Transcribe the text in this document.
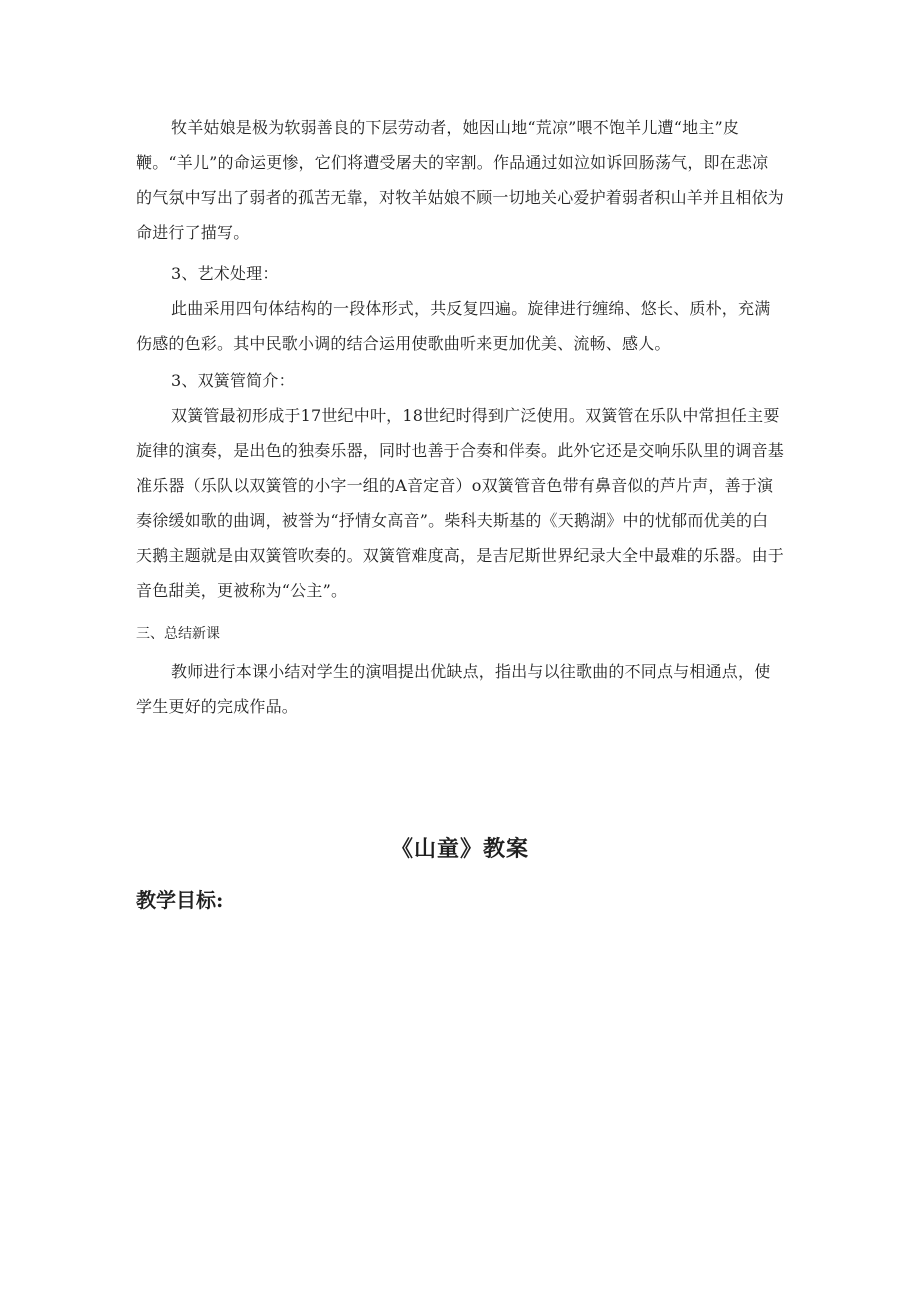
牧羊姑娘是极为软弱善良的下层劳动者，她因山地“荒凉”喂不饱羊儿遭“地主”皮鞭。“羊儿”的命运更惨，它们将遭受屠夫的宰割。作品通过如泣如诉回肠荡气，即在悲凉的气氛中写出了弱者的孤苦无靠，对牧羊姑娘不顾一切地关心爱护着弱者积山羊并且相依为命进行了描写。

3、艺术处理：

此曲采用四句体结构的一段体形式，共反复四遍。旋律进行缠绵、悠长、质朴，充满伤感的色彩。其中民歌小调的结合运用使歌曲听来更加优美、流畅、感人。

3、双簧管简介：

双簧管最初形成于17世纪中叶，18世纪时得到广泛使用。双簧管在乐队中常担任主要旋律的演奏，是出色的独奏乐器，同时也善于合奏和伴奏。此外它还是交响乐队里的调音基准乐器（乐队以双簧管的小字一组的A音定音）o双簧管音色带有鼻音似的芦片声，善于演奏徐缓如歌的曲调，被誉为“抒情女高音”。柴科夫斯基的《天鹅湖》中的忧郁而优美的白天鹅主题就是由双簧管吹奏的。双簧管难度高，是吉尼斯世界纪录大全中最难的乐器。由于音色甜美，更被称为“公主”。

三、总结新课

教师进行本课小结对学生的演唱提出优缺点，指出与以往歌曲的不同点与相通点，使学生更好的完成作品。

《山童》教案
教学目标:
